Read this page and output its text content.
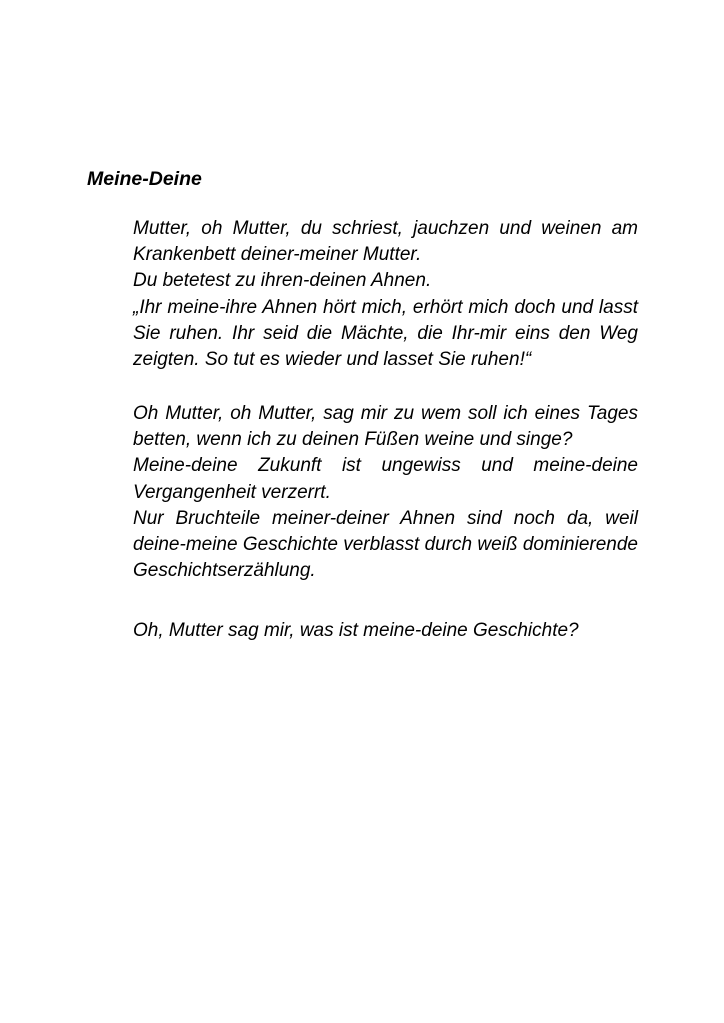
Meine-Deine
Mutter, oh Mutter, du schriest, jauchzen und weinen am Krankenbett deiner-meiner Mutter.
Du betetest zu ihren-deinen Ahnen.
„Ihr meine-ihre Ahnen hört mich, erhört mich doch und lasst Sie ruhen. Ihr seid die Mächte, die Ihr-mir eins den Weg zeigten. So tut es wieder und lasset Sie ruhen!“
Oh Mutter, oh Mutter, sag mir zu wem soll ich eines Tages betten, wenn ich zu deinen Füßen weine und singe?
Meine-deine Zukunft ist ungewiss und meine-deine Vergangenheit verzerrt.
Nur Bruchteile meiner-deiner Ahnen sind noch da, weil deine-meine Geschichte verblasst durch weiß dominierende Geschichtserzählung.
Oh, Mutter sag mir, was ist meine-deine Geschichte?
